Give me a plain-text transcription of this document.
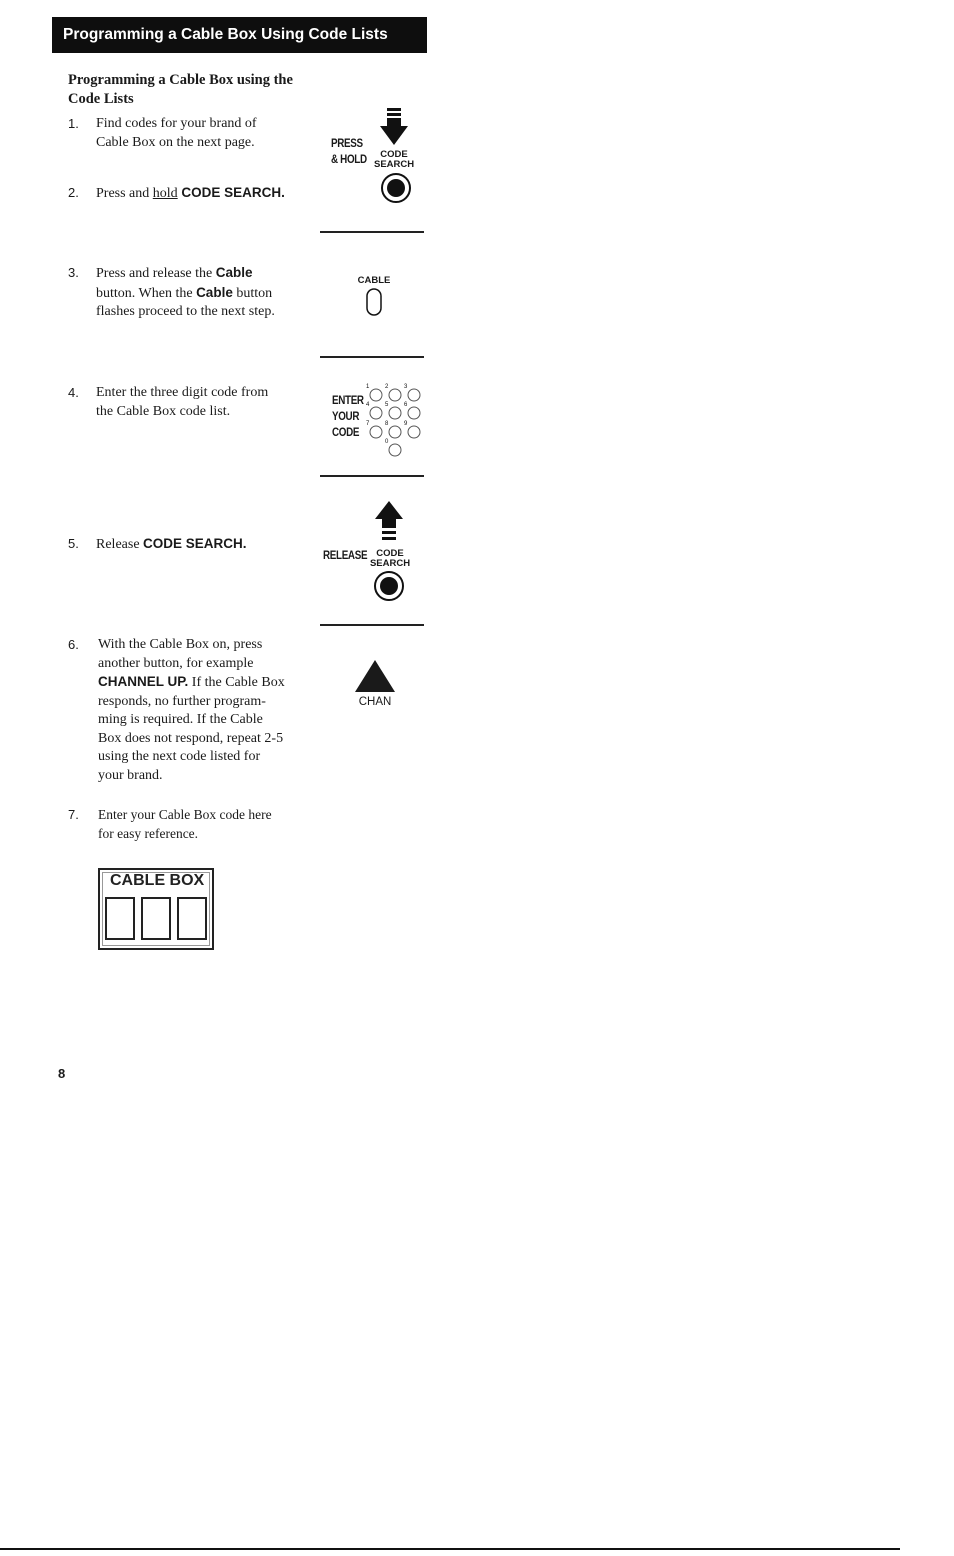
Programming a Cable Box Using Code Lists
Programming a Cable Box using the
Code Lists
1. Find codes for your brand of
Cable Box on the next page.
2. Press and hold CODE SEARCH.
3. Press and release the Cable
button. When the Cable button
flashes proceed to the next step.
4. Enter the three digit code from
the Cable Box code list.
5. Release CODE SEARCH.
6. With the Cable Box on, press
another button, for example
CHANNEL UP. If the Cable Box
responds, no further program-
ming is required. If the Cable
Box does not respond, repeat 2-5
using the next code listed for
your brand.
7. Enter your Cable Box code here
for easy reference.
PRESS
& HOLD	CODE
SEARCH
CABLE
ENTER
YOUR
CODE
1	2	3
4	5	6
7	8	9
0
RELEASE CODE
SEARCH
CHAN
CABLE BOX
8
